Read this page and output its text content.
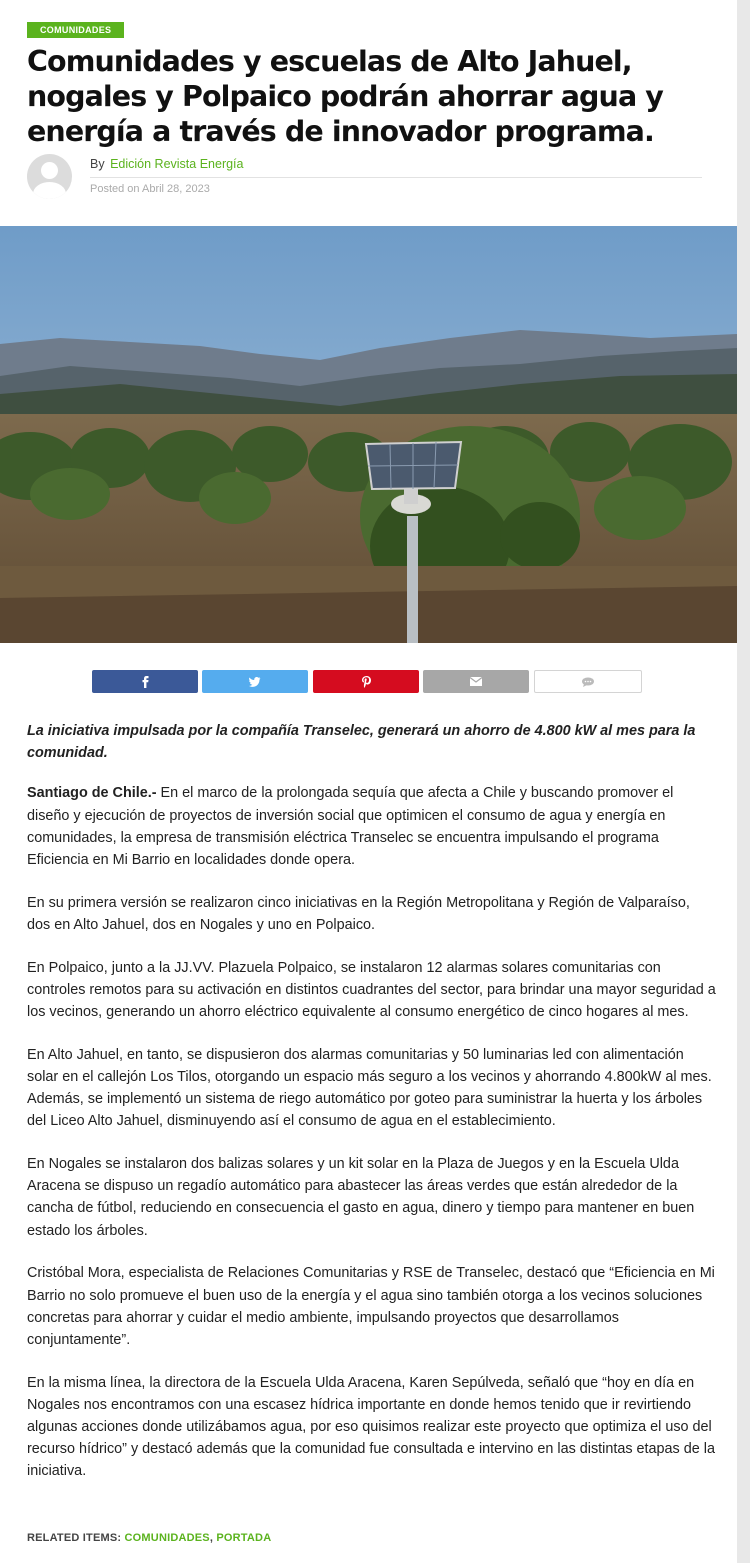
COMUNIDADES
Comunidades y escuelas de Alto Jahuel, nogales y Polpaico podrán ahorrar agua y energía a través de innovador programa.
By Edición Revista Energía
Posted on Abril 28, 2023

La iniciativa impulsada por la compañía Transelec, generará un ahorro de 4.800 kW al mes para la comunidad.

Santiago de Chile.- En el marco de la prolongada sequía que afecta a Chile y buscando promover el diseño y ejecución de proyectos de inversión social que optimicen el consumo de agua y energía en comunidades, la empresa de transmisión eléctrica Transelec se encuentra impulsando el programa Eficiencia en Mi Barrio en localidades donde opera.

En su primera versión se realizaron cinco iniciativas en la Región Metropolitana y Región de Valparaíso, dos en Alto Jahuel, dos en Nogales y uno en Polpaico.

En Polpaico, junto a la JJ.VV. Plazuela Polpaico, se instalaron 12 alarmas solares comunitarias con controles remotos para su activación en distintos cuadrantes del sector, para brindar una mayor seguridad a los vecinos, generando un ahorro eléctrico equivalente al consumo energético de cinco hogares al mes.

En Alto Jahuel, en tanto, se dispusieron dos alarmas comunitarias y 50 luminarias led con alimentación solar en el callejón Los Tilos, otorgando un espacio más seguro a los vecinos y ahorrando 4.800kW al mes. Además, se implementó un sistema de riego automático por goteo para suministrar la huerta y los árboles del Liceo Alto Jahuel, disminuyendo así el consumo de agua en el establecimiento.

En Nogales se instalaron dos balizas solares y un kit solar en la Plaza de Juegos y en la Escuela Ulda Aracena se dispuso un regadío automático para abastecer las áreas verdes que están alrededor de la cancha de fútbol, reduciendo en consecuencia el gasto en agua, dinero y tiempo para mantener en buen estado los árboles.

Cristóbal Mora, especialista de Relaciones Comunitarias y RSE de Transelec, destacó que “Eficiencia en Mi Barrio no solo promueve el buen uso de la energía y el agua sino también otorga a los vecinos soluciones concretas para ahorrar y cuidar el medio ambiente, impulsando proyectos que desarrollamos conjuntamente”.

En la misma línea, la directora de la Escuela Ulda Aracena, Karen Sepúlveda, señaló que “hoy en día en Nogales nos encontramos con una escasez hídrica importante en donde hemos tenido que ir revirtiendo algunas acciones donde utilizábamos agua, por eso quisimos realizar este proyecto que optimiza el uso del recurso hídrico” y destacó además que la comunidad fue consultada e intervino en las distintas etapas de la iniciativa.

RELATED ITEMS: COMUNIDADES, PORTADA
